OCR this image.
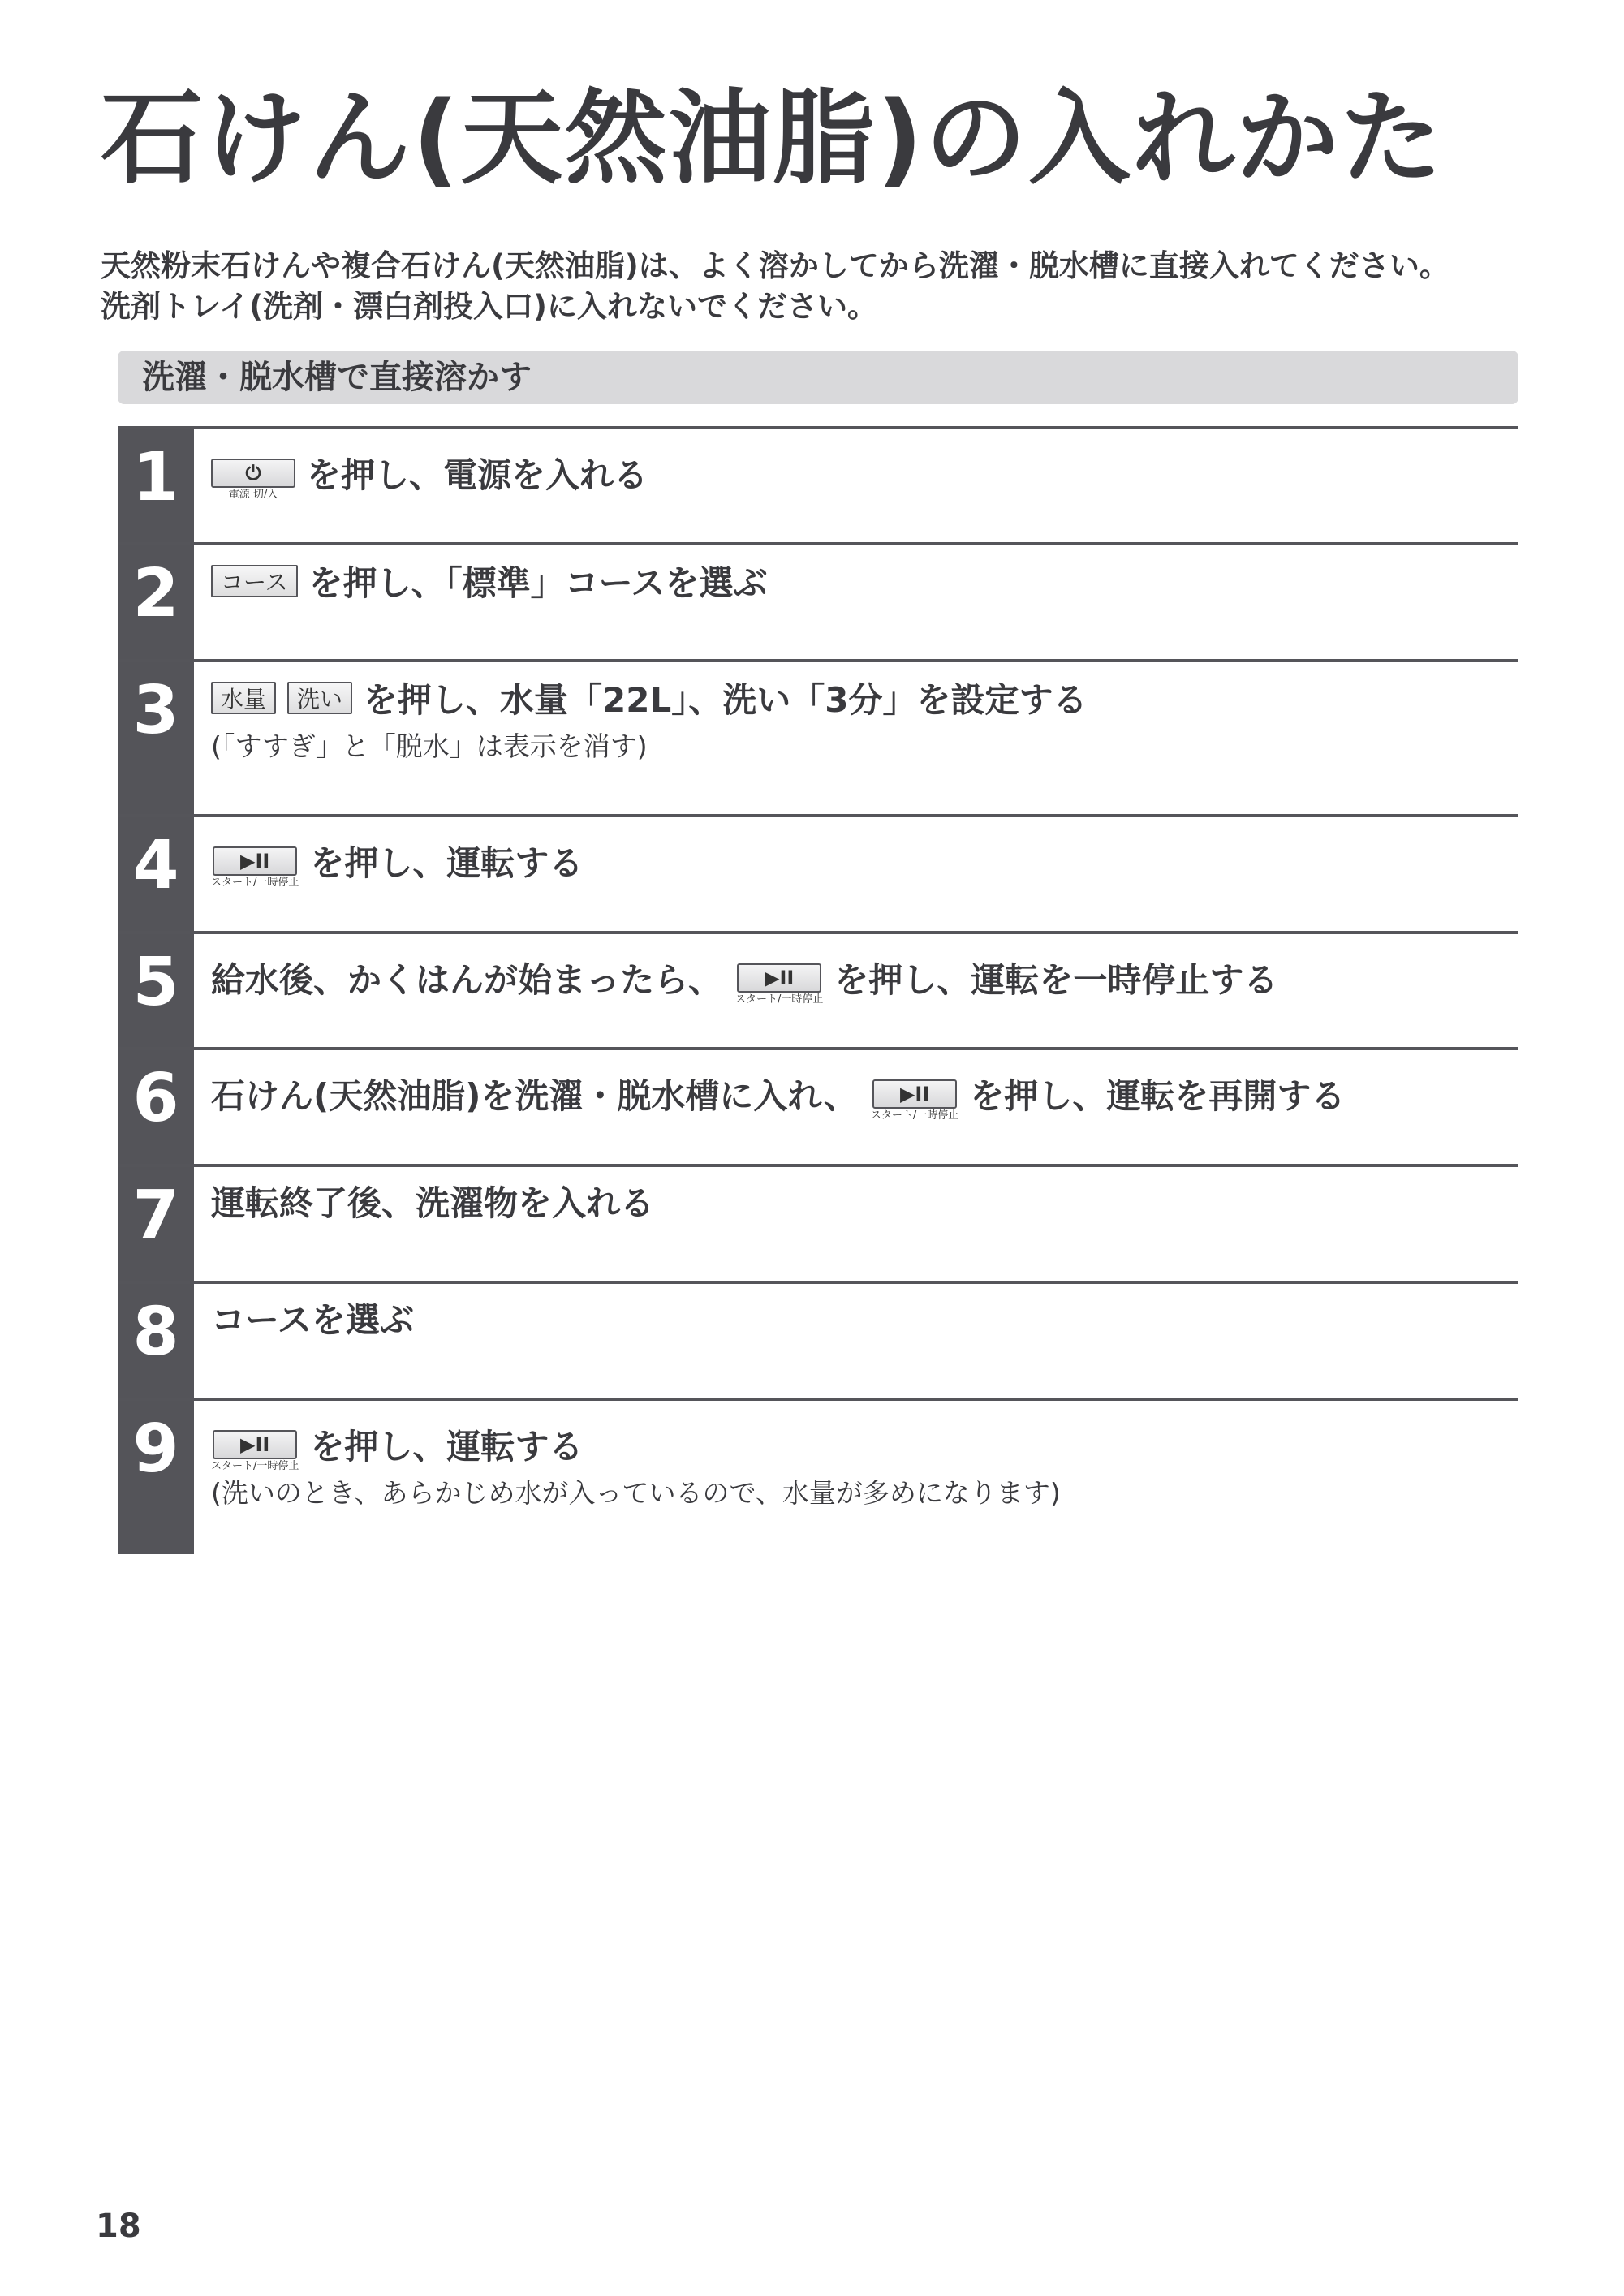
石けん(天然油脂)の入れかた
天然粉末石けんや複合石けん(天然油脂)は、よく溶かしてから洗濯・脱水槽に直接入れてください。
洗剤トレイ(洗剤・漂白剤投入口)に入れないでください。
洗濯・脱水槽で直接溶かす
1	⏻
電源 切/入 を押し、電源を入れる
2	コース を押し、「標準」コースを選ぶ
3	水量	洗い を押し、水量「22L」、洗い「3分」を設定する
(「すすぎ」と「脱水」は表示を消す)
4	▶II
スタート/一時停止 を押し、運転する
5 給水後、かくはんが始まったら、	▶II
スタート/一時停止 を押し、運転を一時停止する
6 石けん(天然油脂)を洗濯・脱水槽に入れ、	▶II
スタート/一時停止 を押し、運転を再開する
7 運転終了後、洗濯物を入れる
8 コースを選ぶ
9	▶II
スタート/一時停止 を押し、運転する
(洗いのとき、あらかじめ水が入っているので、水量が多めになります)
18
